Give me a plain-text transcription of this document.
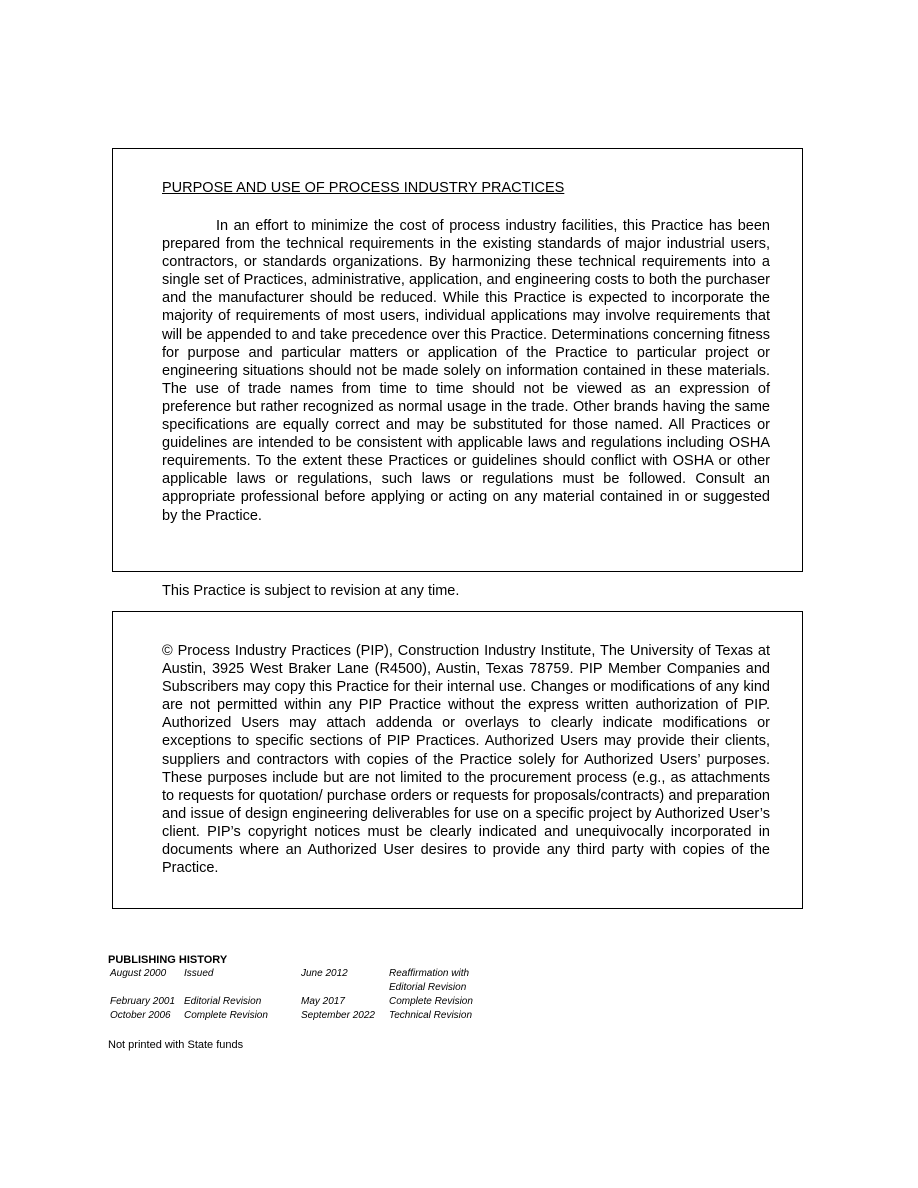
PURPOSE AND USE OF PROCESS INDUSTRY PRACTICES

In an effort to minimize the cost of process industry facilities, this Practice has been prepared from the technical requirements in the existing standards of major industrial users, contractors, or standards organizations. By harmonizing these technical requirements into a single set of Practices, administrative, application, and engineering costs to both the purchaser and the manufacturer should be reduced. While this Practice is expected to incorporate the majority of requirements of most users, individual applications may involve requirements that will be appended to and take precedence over this Practice. Determinations concerning fitness for purpose and particular matters or application of the Practice to particular project or engineering situations should not be made solely on information contained in these materials. The use of trade names from time to time should not be viewed as an expression of preference but rather recognized as normal usage in the trade. Other brands having the same specifications are equally correct and may be substituted for those named. All Practices or guidelines are intended to be consistent with applicable laws and regulations including OSHA requirements. To the extent these Practices or guidelines should conflict with OSHA or other applicable laws or regulations, such laws or regulations must be followed. Consult an appropriate professional before applying or acting on any material contained in or suggested by the Practice.

This Practice is subject to revision at any time.

© Process Industry Practices (PIP), Construction Industry Institute, The University of Texas at Austin, 3925 West Braker Lane (R4500), Austin, Texas 78759. PIP Member Companies and Subscribers may copy this Practice for their internal use. Changes or modifications of any kind are not permitted within any PIP Practice without the express written authorization of PIP. Authorized Users may attach addenda or overlays to clearly indicate modifications or exceptions to specific sections of PIP Practices. Authorized Users may provide their clients, suppliers and contractors with copies of the Practice solely for Authorized Users’ purposes. These purposes include but are not limited to the procurement process (e.g., as attachments to requests for quotation/ purchase orders or requests for proposals/contracts) and preparation and issue of design engineering deliverables for use on a specific project by Authorized User’s client. PIP’s copyright notices must be clearly indicated and unequivocally incorporated in documents where an Authorized User desires to provide any third party with copies of the Practice.

PUBLISHING HISTORY

August 2000	Issued	June 2012	Reaffirmation with
			Editorial Revision
February 2001	Editorial Revision	May 2017	Complete Revision
October 2006	Complete Revision	September 2022	Technical Revision

Not printed with State funds
